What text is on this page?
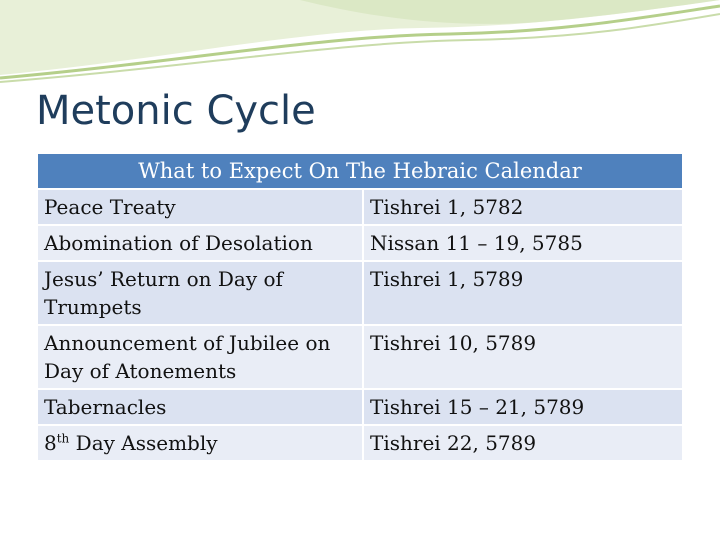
Metonic Cycle
What to Expect On The Hebraic Calendar	
Peace Treaty	Tishrei 1, 5782
Abomination of Desolation	Nissan 11 – 19, 5785
Jesus’ Return on Day of Trumpets	Tishrei 1, 5789
Announcement of Jubilee on Day of Atonements	Tishrei 10, 5789
Tabernacles	Tishrei 15 – 21, 5789
8th Day Assembly	Tishrei 22, 5789
